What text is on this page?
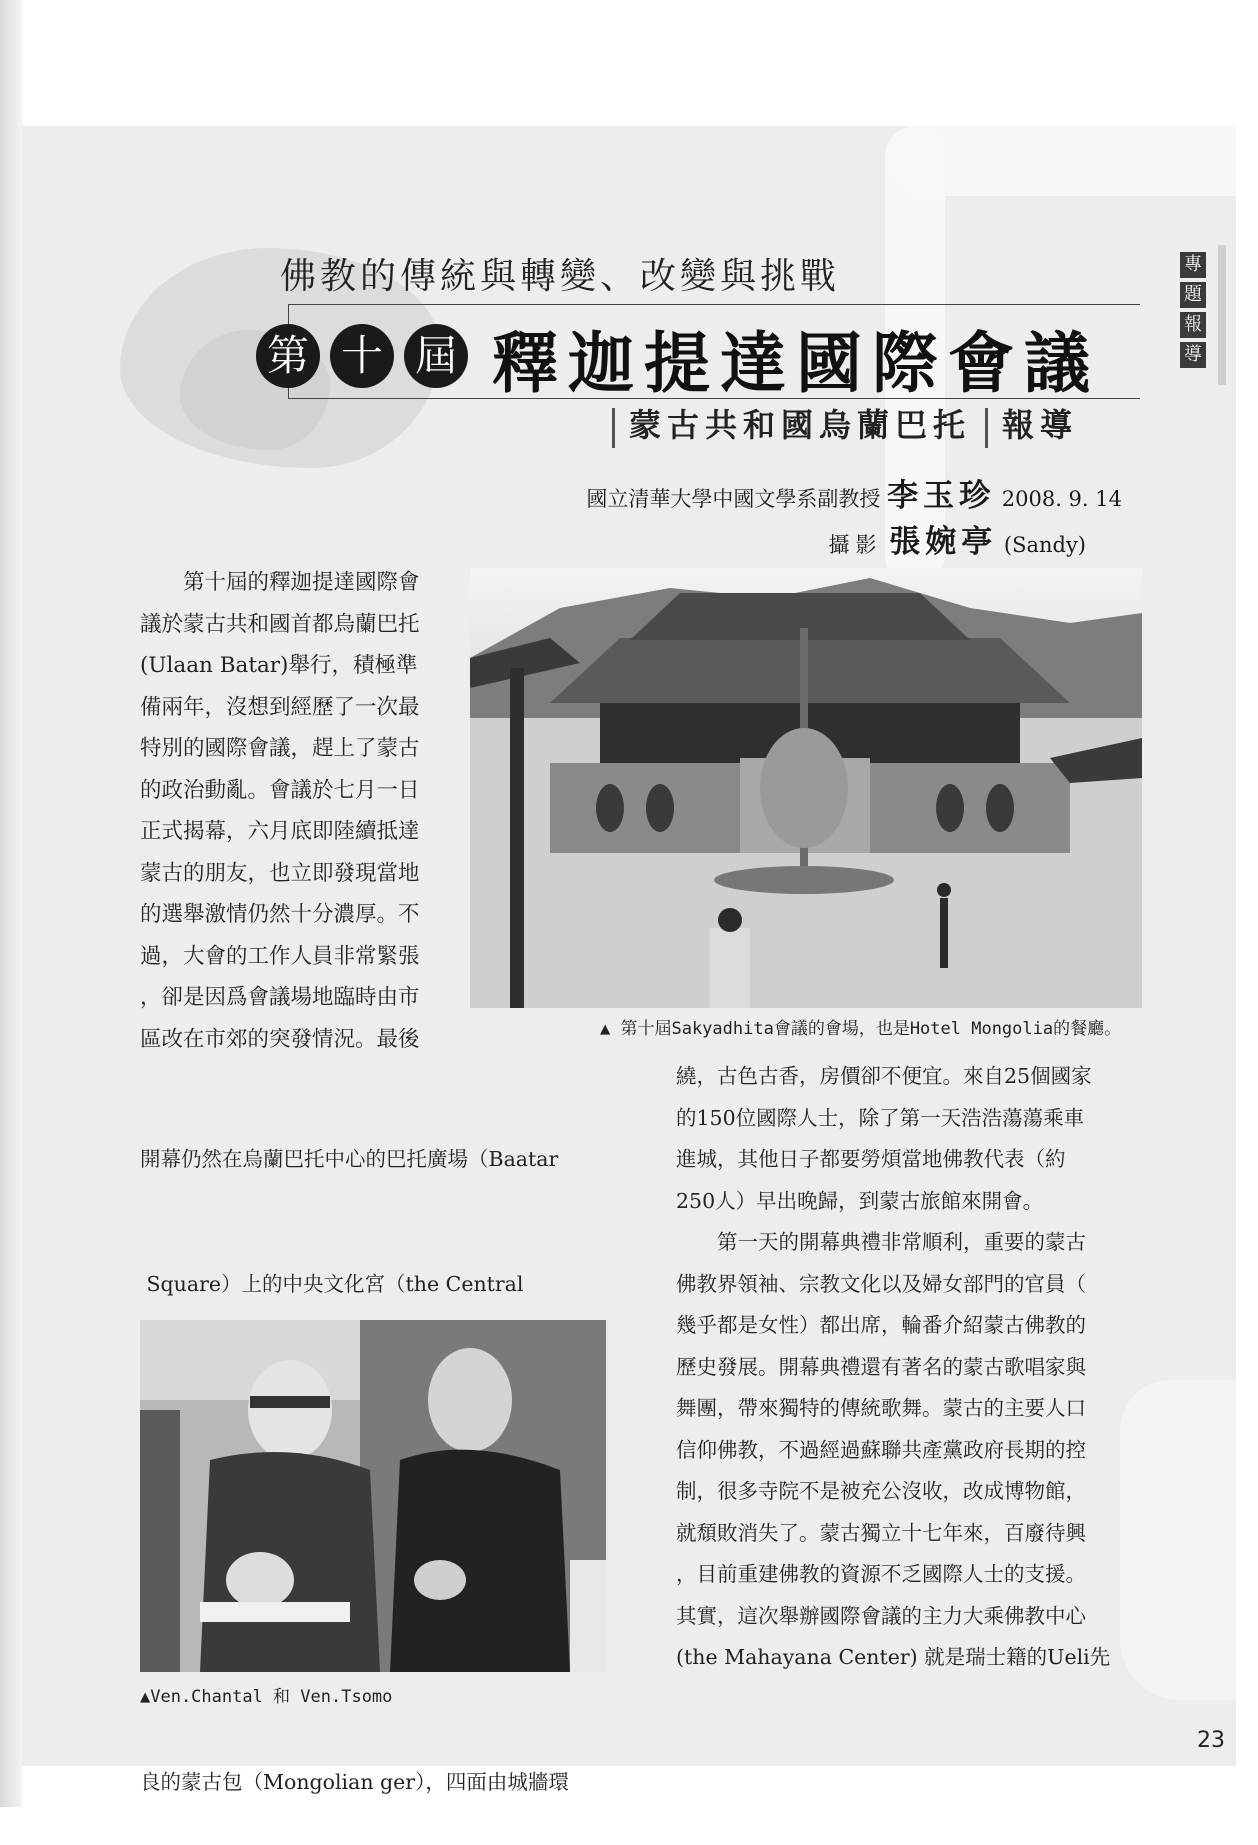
佛教的傳統與轉變、改變與挑戰
第 十 屆 釋迦提達國際會議
蒙古共和國烏蘭巴托 報導
專
題
報
導
國立清華大學中國文學系副教授 李玉珍 2008. 9. 14
攝影 張婉亭 (Sandy)

第十屆的釋迦提達國際會

議於蒙古共和國首都烏蘭巴托

(Ulaan Batar)舉行，積極準

備兩年，沒想到經歷了一次最

特別的國際會議，趕上了蒙古

的政治動亂。會議於七月一日

正式揭幕，六月底即陸續抵達

蒙古的朋友，也立即發現當地

的選舉激情仍然十分濃厚。不

過，大會的工作人員非常緊張

，卻是因爲會議場地臨時由市

區改在市郊的突發情況。最後

開幕仍然在烏蘭巴托中心的巴托廣場（Baatar

Square）上的中央文化宮（the Central

良的蒙古包（Mongolian ger），四面由城牆環

繞，古色古香，房價卻不便宜。來自25個國家

的150位國際人士，除了第一天浩浩蕩蕩乘車

進城，其他日子都要勞煩當地佛教代表（約

250人）早出晚歸，到蒙古旅館來開會。

第一天的開幕典禮非常順利，重要的蒙古

佛教界領袖、宗教文化以及婦女部門的官員（

幾乎都是女性）都出席，輪番介紹蒙古佛教的

歷史發展。開幕典禮還有著名的蒙古歌唱家與

舞團，帶來獨特的傳統歌舞。蒙古的主要人口

信仰佛教，不過經過蘇聯共產黨政府長期的控

制，很多寺院不是被充公沒收，改成博物館，

就頹敗消失了。蒙古獨立十七年來，百廢待興

，目前重建佛教的資源不乏國際人士的支援。

其實，這次舉辦國際會議的主力大乘佛教中心

(the Mahayana Center) 就是瑞士籍的Ueli先

▲ 第十屆Sakyadhita會議的會場，也是Hotel Mongolia的餐廳。
▲Ven.Chantal 和 Ven.Tsomo
23
